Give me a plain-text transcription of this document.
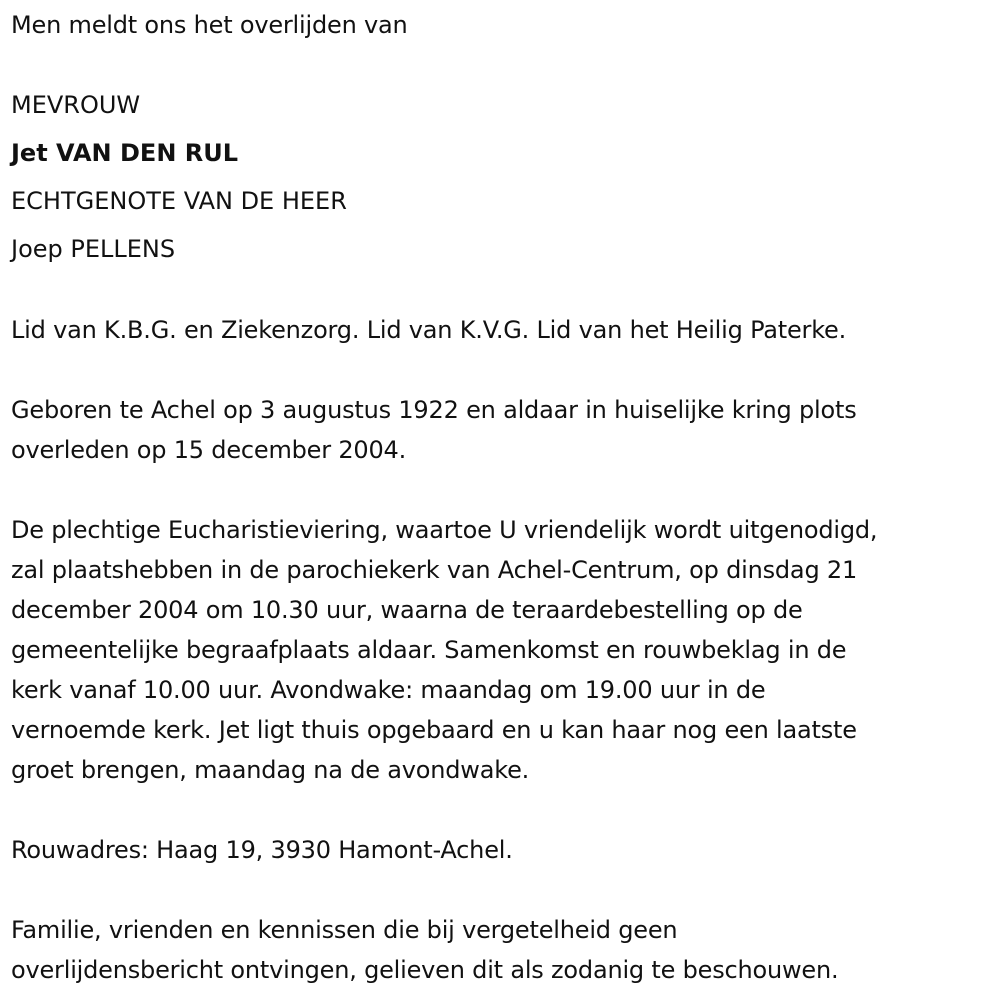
Men meldt ons het overlijden van
MEVROUW
Jet VAN DEN RUL
ECHTGENOTE VAN DE HEER
Joep PELLENS
Lid van K.B.G. en Ziekenzorg. Lid van K.V.G. Lid van het Heilig Paterke.
Geboren te Achel op 3 augustus 1922 en aldaar in huiselijke kring plots
overleden op 15 december 2004.
De plechtige Eucharistieviering, waartoe U vriendelijk wordt uitgenodigd,
zal plaatshebben in de parochiekerk van Achel-Centrum, op dinsdag 21
december 2004 om 10.30 uur, waarna de teraardebestelling op de
gemeentelijke begraafplaats aldaar. Samenkomst en rouwbeklag in de
kerk vanaf 10.00 uur. Avondwake: maandag om 19.00 uur in de
vernoemde kerk. Jet ligt thuis opgebaard en u kan haar nog een laatste
groet brengen, maandag na de avondwake.
Rouwadres: Haag 19, 3930 Hamont-Achel.
Familie, vrienden en kennissen die bij vergetelheid geen
overlijdensbericht ontvingen, gelieven dit als zodanig te beschouwen.
